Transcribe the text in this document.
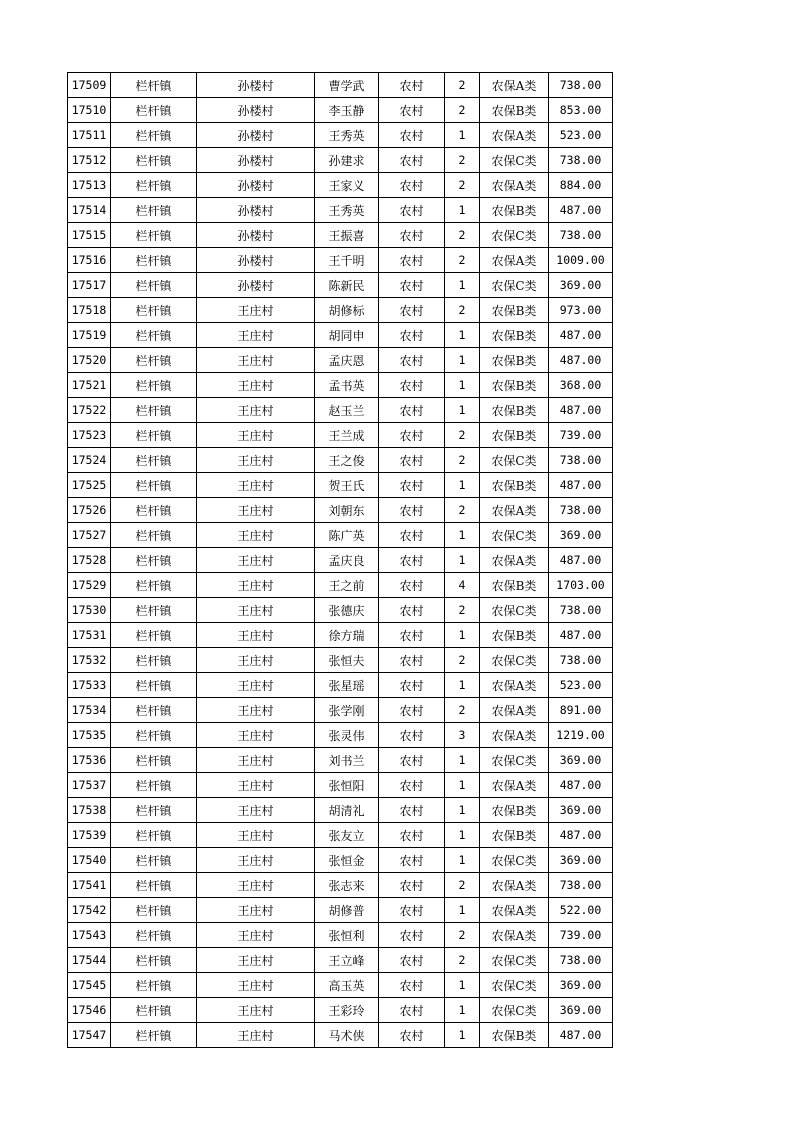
17509	栏杆镇	孙楼村	曹学武	农村	2	农保A类	738.00
17510	栏杆镇	孙楼村	李玉静	农村	2	农保B类	853.00
17511	栏杆镇	孙楼村	王秀英	农村	1	农保A类	523.00
17512	栏杆镇	孙楼村	孙建求	农村	2	农保C类	738.00
17513	栏杆镇	孙楼村	王家义	农村	2	农保A类	884.00
17514	栏杆镇	孙楼村	王秀英	农村	1	农保B类	487.00
17515	栏杆镇	孙楼村	王振喜	农村	2	农保C类	738.00
17516	栏杆镇	孙楼村	王千明	农村	2	农保A类	1009.00
17517	栏杆镇	孙楼村	陈新民	农村	1	农保C类	369.00
17518	栏杆镇	王庄村	胡修标	农村	2	农保B类	973.00
17519	栏杆镇	王庄村	胡同申	农村	1	农保B类	487.00
17520	栏杆镇	王庄村	孟庆恩	农村	1	农保B类	487.00
17521	栏杆镇	王庄村	孟书英	农村	1	农保B类	368.00
17522	栏杆镇	王庄村	赵玉兰	农村	1	农保B类	487.00
17523	栏杆镇	王庄村	王兰成	农村	2	农保B类	739.00
17524	栏杆镇	王庄村	王之俊	农村	2	农保C类	738.00
17525	栏杆镇	王庄村	贺王氏	农村	1	农保B类	487.00
17526	栏杆镇	王庄村	刘朝东	农村	2	农保A类	738.00
17527	栏杆镇	王庄村	陈广英	农村	1	农保C类	369.00
17528	栏杆镇	王庄村	孟庆良	农村	1	农保A类	487.00
17529	栏杆镇	王庄村	王之前	农村	4	农保B类	1703.00
17530	栏杆镇	王庄村	张德庆	农村	2	农保C类	738.00
17531	栏杆镇	王庄村	徐方瑞	农村	1	农保B类	487.00
17532	栏杆镇	王庄村	张恒夫	农村	2	农保C类	738.00
17533	栏杆镇	王庄村	张星瑶	农村	1	农保A类	523.00
17534	栏杆镇	王庄村	张学刚	农村	2	农保A类	891.00
17535	栏杆镇	王庄村	张灵伟	农村	3	农保A类	1219.00
17536	栏杆镇	王庄村	刘书兰	农村	1	农保C类	369.00
17537	栏杆镇	王庄村	张恒阳	农村	1	农保A类	487.00
17538	栏杆镇	王庄村	胡清礼	农村	1	农保B类	369.00
17539	栏杆镇	王庄村	张友立	农村	1	农保B类	487.00
17540	栏杆镇	王庄村	张恒金	农村	1	农保C类	369.00
17541	栏杆镇	王庄村	张志来	农村	2	农保A类	738.00
17542	栏杆镇	王庄村	胡修普	农村	1	农保A类	522.00
17543	栏杆镇	王庄村	张恒利	农村	2	农保A类	739.00
17544	栏杆镇	王庄村	王立峰	农村	2	农保C类	738.00
17545	栏杆镇	王庄村	高玉英	农村	1	农保C类	369.00
17546	栏杆镇	王庄村	王彩玲	农村	1	农保C类	369.00
17547	栏杆镇	王庄村	马术侠	农村	1	农保B类	487.00
